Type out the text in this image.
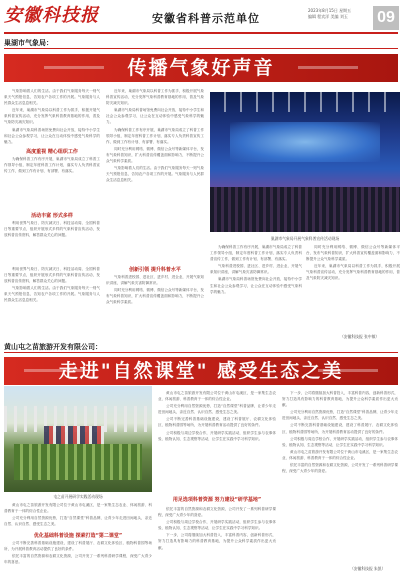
安徽科技报	安徽省科普示范单位
2023年8月15日 星期五
编辑 程宾洋 美编 刘玉	09
巢湖市气象局：
传播气象好声音

气象影响着人们的生活。由于我们气象服务每天一则气象天气预报信息，告知农户各项工作的开展。气象服务与人民群众生活息息相关。

近年来，巢湖市气象局以科普工作为抓手，积极开展气象科普宣传活动，充分发挥气象科普教育基地的作用，普及气象防灾减灾知识。

巢湖市气象局科普场馆免费向社会开放，接待中小学生和社会公众参观学习，让公众在互动体验中感受气象科学的魅力。

高度重视 精心组织工作

为确保科普工作有序开展，巢湖市气象局成立了科普工作领导小组，制定年度科普工作计划，落实专人负责科普宣传工作，做到工作有计划、有部署、有落实。

活动丰富 形式多样

利用世界气象日、防灾减灾日、科技活动周、全国科普日等重要节点，组织开展形式多样的气象科普宣传活动，发放科普宣传资料，解答群众关心的问题。

近年来，巢湖市气象局以科普工作为抓手，积极开展气象科普宣传活动，充分发挥气象科普教育基地的作用，普及气象防灾减灾知识。

巢湖市气象局科普场馆免费向社会开放，接待中小学生和社会公众参观学习，让公众在互动体验中感受气象科学的魅力。

为确保科普工作有序开展，巢湖市气象局成立了科普工作领导小组，制定年度科普工作计划，落实专人负责科普宣传工作，做到工作有计划、有部署、有落实。

同时充分利用网络、微博、微信公众号等新媒体平台，发布气象科普知识，扩大科普宣传覆盖面和影响力，不断提升公众气象科学素质。

气象影响着人们的生活。由于我们气象服务每天一则气象天气预报信息，告知农户各项工作的开展。气象服务与人民群众生活息息相关。

巢湖市气象局开展气象科普宣传活动现场
创新引领 提升科普水平

气象科普进校园、进社区、进乡村、进企业，开展气象知识讲座，讲解气象灾害防御常识。

同时充分利用网络、微博、微信公众号等新媒体平台，发布气象科普知识，扩大科普宣传覆盖面和影响力，不断提升公众气象科学素质。

利用世界气象日、防灾减灾日、科技活动周、全国科普日等重要节点，组织开展形式多样的气象科普宣传活动，发放科普宣传资料，解答群众关心的问题。

气象影响着人们的生活。由于我们气象服务每天一则气象天气预报信息，告知农户各项工作的开展。气象服务与人民群众生活息息相关。

为确保科普工作有序开展，巢湖市气象局成立了科普工作领导小组，制定年度科普工作计划，落实专人负责科普宣传工作，做到工作有计划、有部署、有落实。

气象科普进校园、进社区、进乡村、进企业，开展气象知识讲座，讲解气象灾害防御常识。

巢湖市气象局科普场馆免费向社会开放，接待中小学生和社会公众参观学习，让公众在互动体验中感受气象科学的魅力。

同时充分利用网络、微博、微信公众号等新媒体平台，发布气象科普知识，扩大科普宣传覆盖面和影响力，不断提升公众气象科学素质。

近年来，巢湖市气象局以科普工作为抓手，积极开展气象科普宣传活动，充分发挥气象科普教育基地的作用，普及气象防灾减灾知识。

（安徽科技报 张中敏）
黄山屯之苗旅游开发有限公司：
走进"自然课堂" 感受生态之美
屯之苗开展研学实践活动现场

黄山市屯之苗旅游开发有限公司位于黄山市屯溪区，是一家集生态农业、休闲旅游、科普教育于一体的综合性企业。

公司充分利用自然资源优势，打造“自然课堂”科普品牌，让青少年走进田间地头，亲近自然、认识自然、感受生态之美。

优化基础科普设施 探索打造“第二课堂”

公司不断完善科普基础设施建设，建设了科普展厅、农耕文化体验区、植物科普园等场所，为开展科普教育活动提供了良好的条件。

依托丰富的自然资源和农耕文化资源，公司开发了一系列科普研学课程，深受广大青少年的喜爱。

黄山市屯之苗旅游开发有限公司位于黄山市屯溪区，是一家集生态农业、休闲旅游、科普教育于一体的综合性企业。

公司充分利用自然资源优势，打造“自然课堂”科普品牌，让青少年走进田间地头，亲近自然、认识自然、感受生态之美。

公司不断完善科普基础设施建设，建设了科普展厅、农耕文化体验区、植物科普园等场所，为开展科普教育活动提供了良好的条件。

公司积极与周边学校合作，开展研学实践活动，组织学生参与农事体验、植物认知、生态观察等活动，让学生在实践中学习科学知识。

用足选项科普资源 努力建设“研学基地”

依托丰富的自然资源和农耕文化资源，公司开发了一系列科普研学课程，深受广大青少年的喜爱。

公司积极与周边学校合作，开展研学实践活动，组织学生参与农事体验、植物认知、生态观察等活动，让学生在实践中学习科学知识。

下一步，公司将继续加大科普投入，丰富科普内容，创新科普形式，努力打造具有影响力的科普教育基地，为提升公众科学素质作出更大贡献。

下一步，公司将继续加大科普投入，丰富科普内容，创新科普形式，努力打造具有影响力的科普教育基地，为提升公众科学素质作出更大贡献。

公司充分利用自然资源优势，打造“自然课堂”科普品牌，让青少年走进田间地头，亲近自然、认识自然、感受生态之美。

公司不断完善科普基础设施建设，建设了科普展厅、农耕文化体验区、植物科普园等场所，为开展科普教育活动提供了良好的条件。

公司积极与周边学校合作，开展研学实践活动，组织学生参与农事体验、植物认知、生态观察等活动，让学生在实践中学习科学知识。

黄山市屯之苗旅游开发有限公司位于黄山市屯溪区，是一家集生态农业、休闲旅游、科普教育于一体的综合性企业。

依托丰富的自然资源和农耕文化资源，公司开发了一系列科普研学课程，深受广大青少年的喜爱。

（安徽科技报 朱凯）
